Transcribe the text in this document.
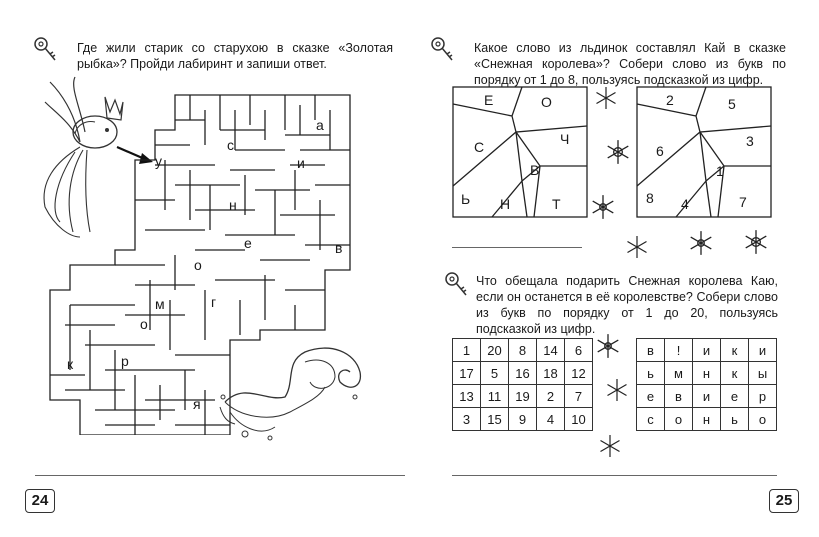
Где жили старик со старухою в сказке «Золотая рыбка»? Пройди лабиринт и запиши ответ.
а
с
у	и
н
е	в
о
м	г
о
к	р
я
24
Какое слово из льдинок составлял Кай в сказке «Снежная королева»? Собери слово из букв по порядку от 1 до 8, пользуясь подсказкой из цифр.
Е	О
С	Ч
В
Ь Н	Т
2	5
6
3
1
8 4	7
Что обещала подарить Снежная королева Каю, если он останется в её королевстве? Собери слово из букв по порядку от 1 до 20, пользуясь подсказкой из цифр.
1	20	8	14	6
17	5	16	18	12
13	11	19	2	7
3	15	9	4	10
в	!	и	к	и
ь	м	н	к	ы
е	в	и	е	р
с	о	н	ь	о
25
